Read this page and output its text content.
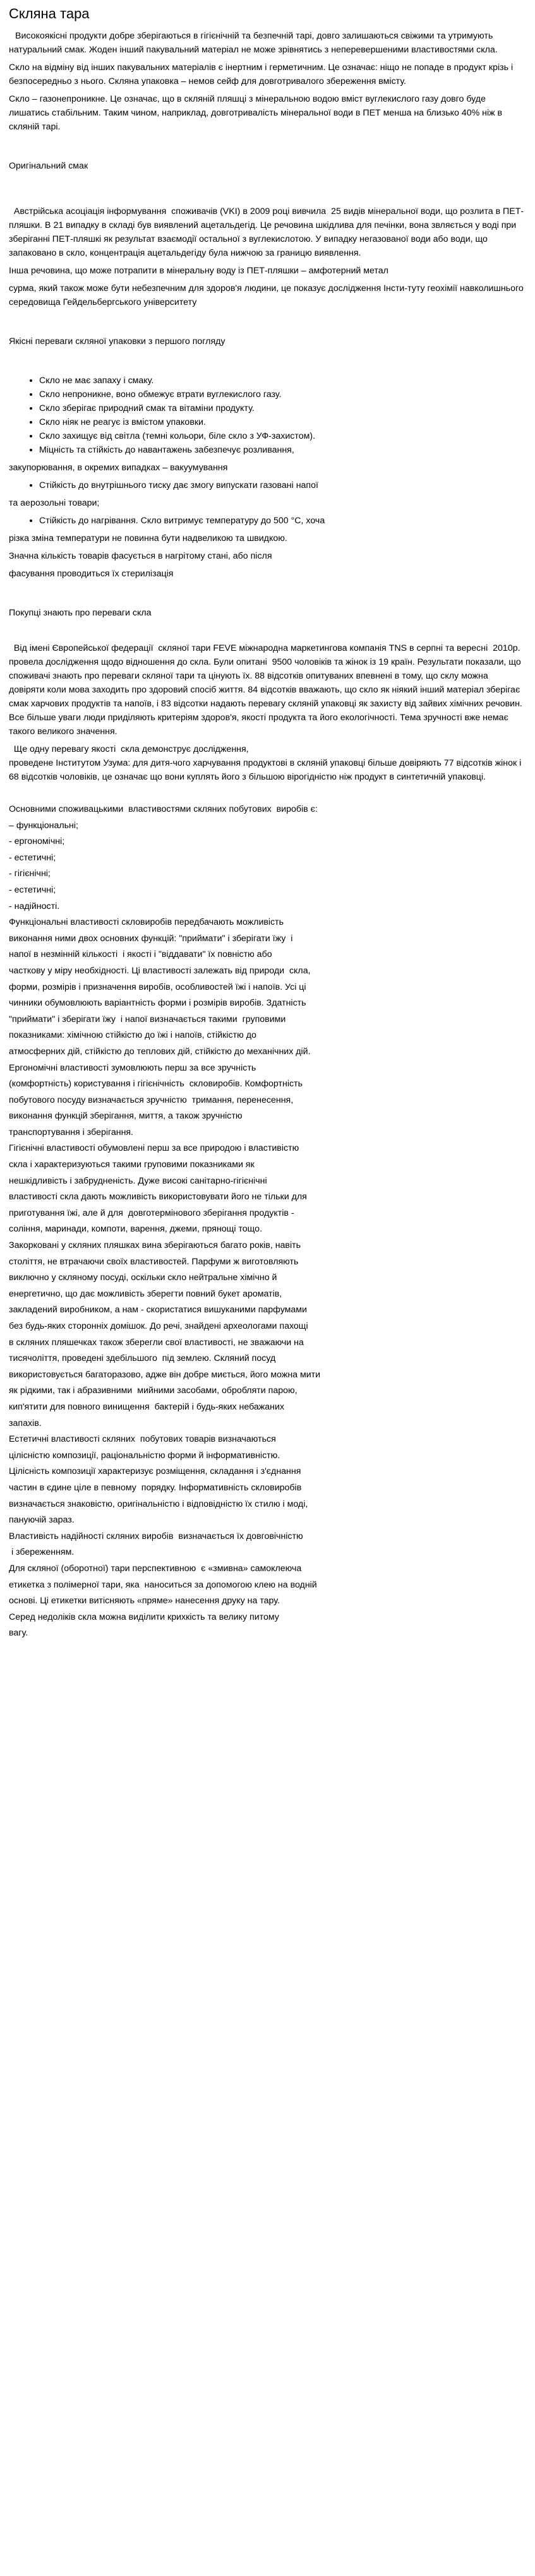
Скляна тара

Високоякісні продукти добре зберігаються в гігієнічній та безпечній тарі, довго залишаються свіжими та утримують натуральний смак. Жоден інший пакувальний матеріал не може зрівнятись з неперевершеними властивостями скла.

Скло на відміну від інших пакувальних матеріалів є інертним і герметичним. Це означає: ніщо не попаде в продукт крізь і безпосередньо з нього. Скляна упаковка – немов сейф для довготривалого збереження вмісту.

Скло – газонепроникне. Це означає, що в скляній пляшці з мінеральною водою вміст вуглекислого газу довго буде лишатись стабільним. Таким чином, наприклад, довготривалість мінеральної води в ПЕТ менша на близько 40% ніж в скляній тарі.

Оригінальний смак

Австрійська асоціація інформування  споживачів (VKI) в 2009 році вивчила  25 видів мінеральної води, що розлита в ПЕТ-пляшки. В 21 випадку в складі був виявлений ацетальдегід. Це речовина шкідлива для печінки, вона звляється у воді при зберіганні ПЕТ-пляшкі як результат взаємодії остальної з вуглекислотою. У випадку негазованої води або води, що запаковано в скло, концентрація ацетальдегіду була нижчою за границю виявлення.

Інша речовина, що може потрапити в мінеральну воду із ПЕТ-пляшки – амфотерний метал

сурма, який також може бути небезпечним для здоров'я людини, це показує дослідження Інсти-туту геохімії навколишнього середовища Гейдельбергського університету

Якісні переваги скляної упаковки з першого погляду

• Скло не має запаху і смаку.
• Скло непроникне, воно обмежує втрати вуглекислого газу.
• Скло зберігає природний смак та вітаміни продукту.
• Скло ніяк не реагує із вмістом упаковки.
• Скло захищує від світла (темні кольори, біле скло з УФ-захистом).
• Міцність та стійкість до навантажень забезпечує розливання,

закупорювання, в окремих випадках – вакуумування

• Стійкість до внутрішнього тиску дає змогу випускати газовані напої

та аерозольні товари;

• Стійкість до нагрівання. Скло витримує температуру до 500 °C, хоча

різка зміна температури не повинна бути надвеликою та швидкою.

Значна кількість товарів фасується в нагрітому стані, або після

фасування проводиться їх стерилізація

Покупці знають про переваги скла

Від імені Європейської федерації  скляної тари FEVE міжнародна маркетингова компанія TNS в серпні та вересні  2010р. провела дослідження щодо відношення до скла. Були опитані  9500 чоловіків та жінок із 19 країн. Результати показали, що споживачі знають про переваги скляної тари та цінують їх. 88 відсотків опитуваних впевнені в тому, що склу можна довіряти коли мова заходить про здоровий спосіб життя. 84 відсотків вважають, що скло як ніякий інший матеріал зберігає смак харчових продуктів та напоїв, і 83 відсотки надають перевагу скляній упаковці як захисту від зайвих хімічних речовин. Все більше уваги люди приділяють критеріям здоров'я, якості продукта та його екологічності. Тема зручності вже немає такого великого значення.

Ще одну перевагу якості  скла демонструє дослідження,

проведене Інститутом Узума: для дитя-чого харчування продуктові в скляній упаковці більше довіряють 77 відсотків жінок і 68 відсотків чоловіків, це означає що вони куплять його з більшою вірогідністю ніж продукт в синтетичній упаковці.

Основними споживацькими  властивостями скляних побутових  виробів є:

– функціональні;

- ергономічні;

- естетичні;

- гігієнічні;

- естетичні;

- надійності.

Функціональні властивості скловиробів передбачають можливість

виконання ними двох основних функцій: "приймати" і зберігати їжу  і

напої в незмінній кількості  і якості і "віддавати" їх повністю або

часткову у міру необхідності. Ці властивості залежать від природи  скла,

форми, розмірів і призначення виробів, особливостей їжі і напоїв. Усі ці

чинники обумовлюють варіантність форми і розмірів виробів. Здатність

"приймати" і зберігати їжу  і напої визначається такими  груповими

показниками: хімічною стійкістю до їжі і напоїв, стійкістю до

атмосферних дій, стійкістю до теплових дій, стійкістю до механічних дій.

Ергономічні властивості зумовлюють перш за все зручність

(комфортність) користування і гігієнічність  скловиробів. Комфортність

побутового посуду визначається зручністю  тримання, перенесення,

виконання функцій зберігання, миття, а також зручністю

транспортування і зберігання.

Гігієнічні властивості обумовлені перш за все природою і властивістю

скла і характеризуються такими груповими показниками як

нешкідливість і забрудненість. Дуже високі санітарно-гігієнічні

властивості скла дають можливість використовувати його не тільки для

приготування їжі, але й для  довготермінового зберігання продуктів -

соління, маринади, компоти, варення, джеми, прянощі тощо.

Закорковані у скляних пляшках вина зберігаються багато років, навіть

століття, не втрачаючи своїх властивостей. Парфуми ж виготовляють

виключно у скляному посуді, оскільки скло нейтральне хімічно й

енергетично, що дає можливість зберегти повний букет ароматів,

закладений виробником, а нам - скористатися вишуканими парфумами

без будь-яких сторонніх домішок. До речі, знайдені археологами пахощі

в скляних пляшечках також зберегли свої властивості, не зважаючи на

тисячоліття, проведені здебільшого  під землею. Скляний посуд

використовується багаторазово, адже він добре миється, його можна мити

як рідкими, так і абразивними  мийними засобами, обробляти парою,

кип'ятити для повного винищення  бактерій і будь-яких небажаних

запахів.

Естетичні властивості скляних  побутових товарів визначаються

цілісністю композиції, раціональністю форми й інформативністю.

Цілісність композиції характеризує розміщення, складання і з'єднання

частин в єдине ціле в певному  порядку. Інформативність скловиробів

визначається знаковістю, оригінальністю і відповідністю їх стилю і моді,

пануючій зараз.

Властивість надійності скляних виробів  визначається їх довговічністю

і збереженням.

Для скляної (оборотної) тари перспективною  є «змивна» самоклеюча

етикетка з полімерної тари, яка  наноситься за допомогою клею на водній

основі. Ці етикетки витісняють «пряме» нанесення друку на тару.

Серед недоліків скла можна виділити крихкість та велику питому

вагу.
